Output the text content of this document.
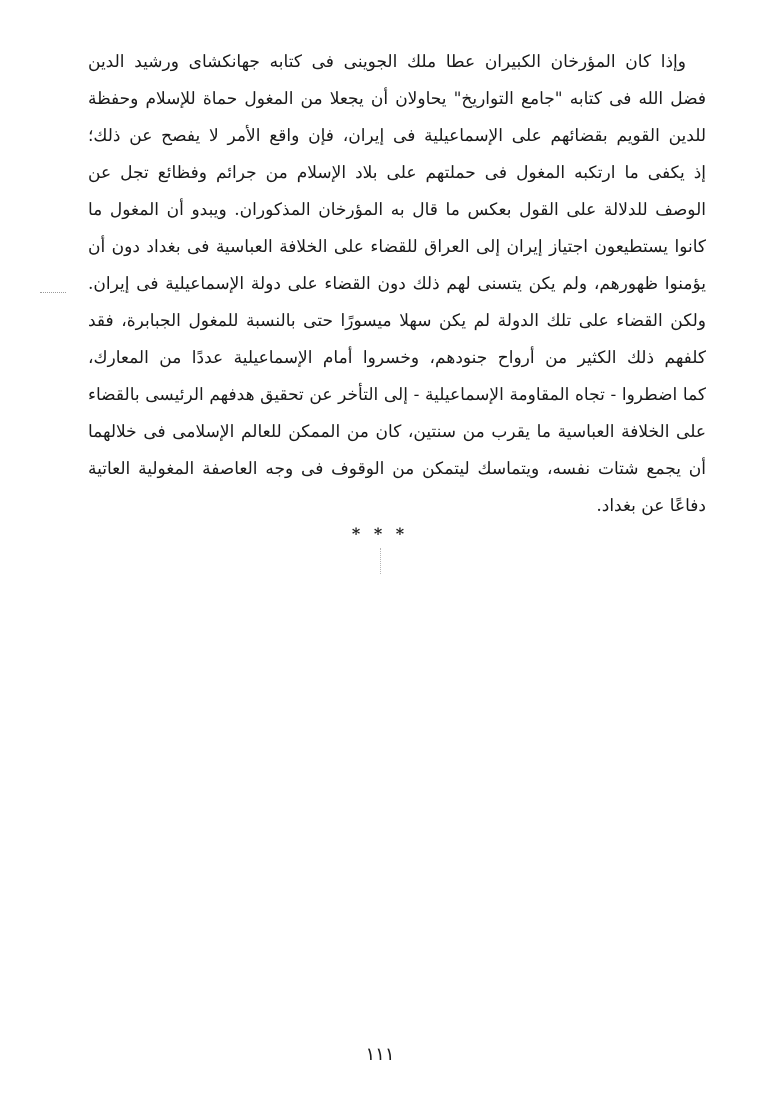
وإذا كان المؤرخان الكبيران عطا ملك الجوينى فى كتابه جهانكشاى ورشيد الدين
فضل الله فى كتابه "جامع التواريخ" يحاولان أن يجعلا من المغول حماة للإسلام وحفظة
للدين القويم بقضائهم على الإسماعيلية فى إيران، فإن واقع الأمر لا يفصح عن ذلك؛
إذ يكفى ما ارتكبه المغول فى حملتهم على بلاد الإسلام من جرائم وفظائع تجل عن
الوصف للدلالة على القول بعكس ما قال به المؤرخان المذكوران. ويبدو أن المغول ما
كانوا يستطيعون اجتياز إيران إلى العراق للقضاء على الخلافة العباسية فى بغداد دون أن
يؤمنوا ظهورهم، ولم يكن يتسنى لهم ذلك دون القضاء على دولة الإسماعيلية فى إيران.
ولكن القضاء على تلك الدولة لم يكن سهلا ميسورًا حتى بالنسبة للمغول الجبابرة، فقد
كلفهم ذلك الكثير من أرواح جنودهم، وخسروا أمام الإسماعيلية عددًا من المعارك،
كما اضطروا - تجاه المقاومة الإسماعيلية - إلى التأخر عن تحقيق هدفهم الرئيسى بالقضاء
على الخلافة العباسية ما يقرب من سنتين، كان من الممكن للعالم الإسلامى فى خلالهما
أن يجمع شتات نفسه، ويتماسك ليتمكن من الوقوف فى وجه العاصفة المغولية العاتية
دفاعًا عن بغداد.
* * *
١١١
